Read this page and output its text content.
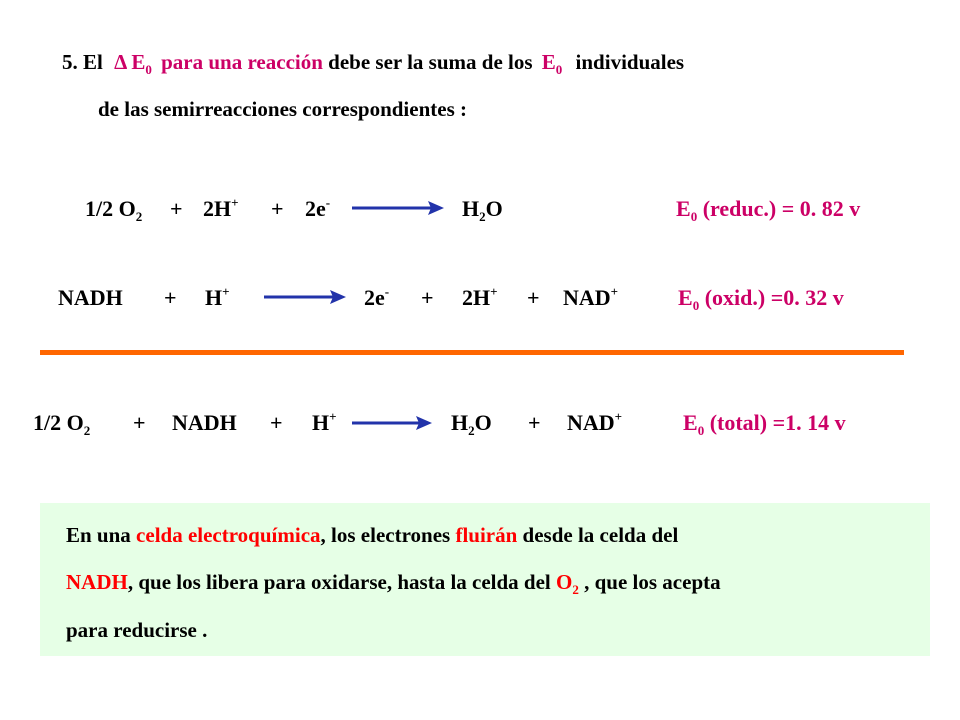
5. El Δ $E_0$ para una reacción debe ser la suma de los $E_0$ individuales
de las semirreacciones correspondientes :
1/2 $O_2 + 2H^+ + 2e^-$	$H_2O$	$E_0$ (reduc.) = 0. 82 v
NADH + H+	2e- + 2H+ + NAD+	$E_0$ (oxid.) =0. 32 v
1/2 $O_2$ + NADH + H+	$H_2O + NAD^+$	$E_0$ (total) =1. 14 v
En una celda electroquímica, los electrones fluirán desde la celda del
NADH, que los libera para oxidarse, hasta la celda del $O_2$ , que los acepta
para reducirse .
